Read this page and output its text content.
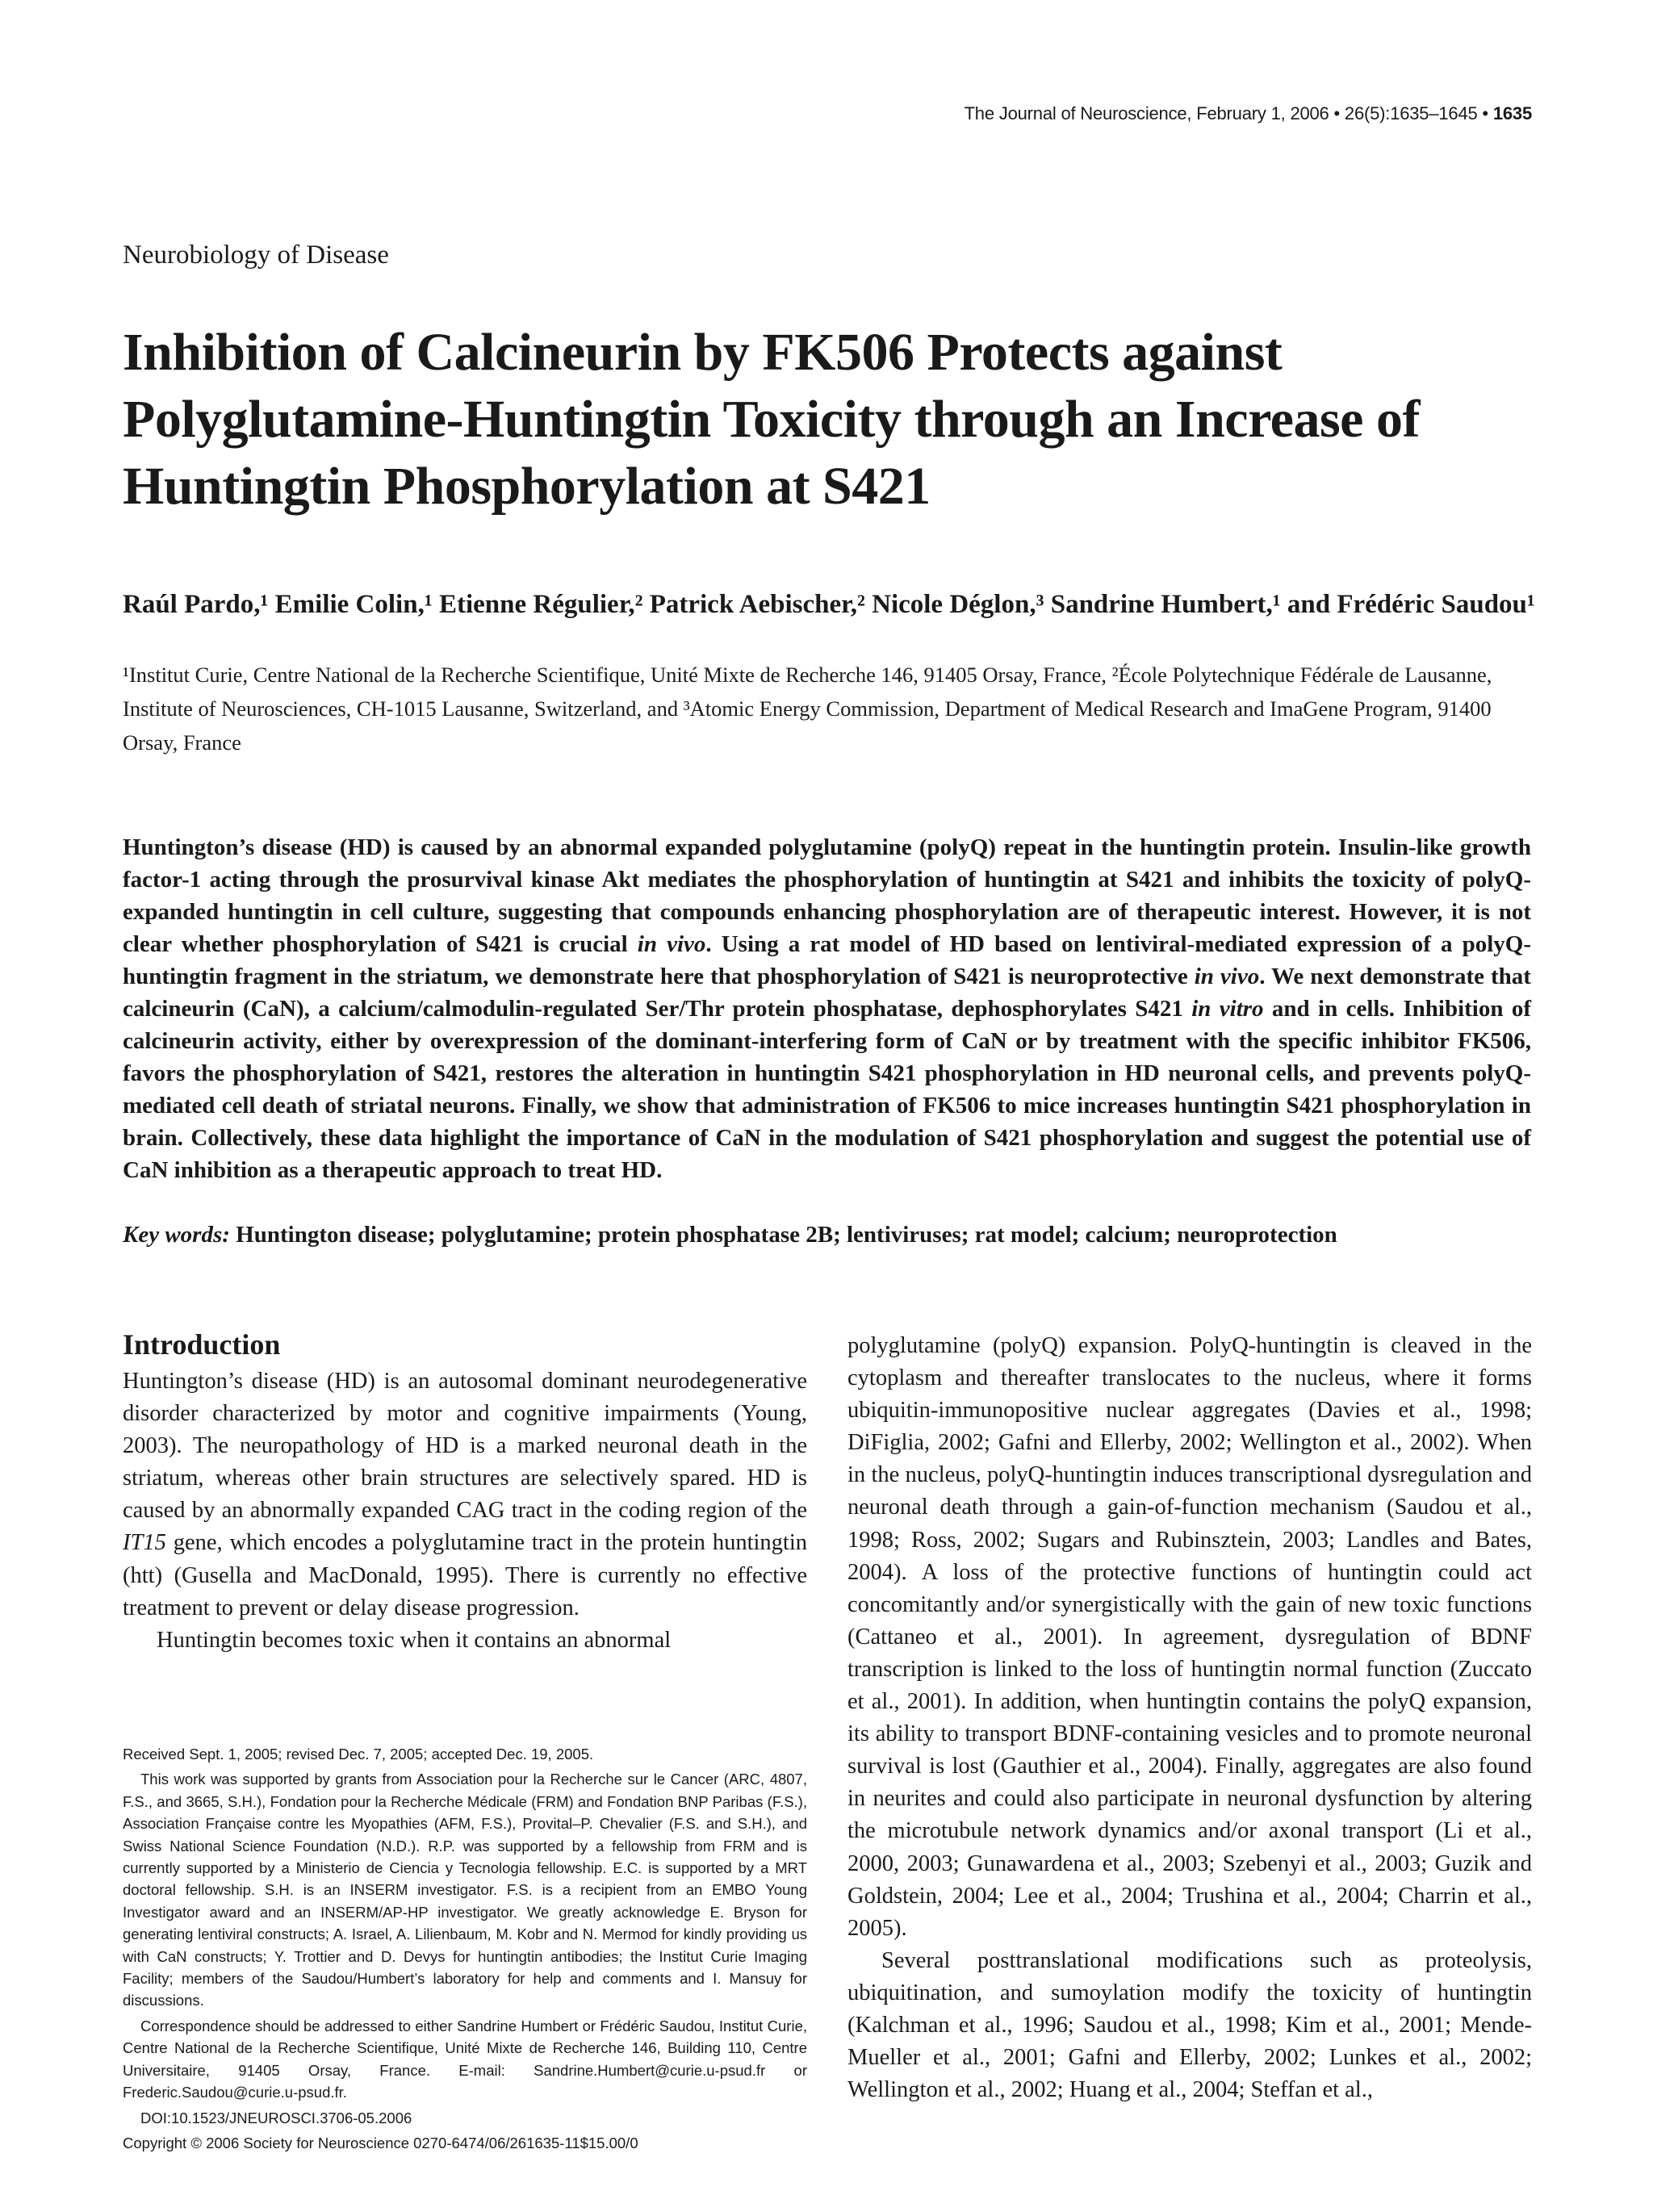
The Journal of Neuroscience, February 1, 2006 • 26(5):1635–1645 • 1635
Neurobiology of Disease
Inhibition of Calcineurin by FK506 Protects against
Polyglutamine-Huntingtin Toxicity through an Increase of
Huntingtin Phosphorylation at S421
Raúl Pardo,¹ Emilie Colin,¹ Etienne Régulier,² Patrick Aebischer,² Nicole Déglon,³ Sandrine Humbert,¹ and Frédéric Saudou¹
¹Institut Curie, Centre National de la Recherche Scientifique, Unité Mixte de Recherche 146, 91405 Orsay, France, ²École Polytechnique Fédérale de Lausanne, Institute of Neurosciences, CH-1015 Lausanne, Switzerland, and ³Atomic Energy Commission, Department of Medical Research and ImaGene Program, 91400 Orsay, France
Huntington’s disease (HD) is caused by an abnormal expanded polyglutamine (polyQ) repeat in the huntingtin protein. Insulin-like growth factor-1 acting through the prosurvival kinase Akt mediates the phosphorylation of huntingtin at S421 and inhibits the toxicity of polyQ-expanded huntingtin in cell culture, suggesting that compounds enhancing phosphorylation are of therapeutic interest. However, it is not clear whether phosphorylation of S421 is crucial in vivo. Using a rat model of HD based on lentiviral-mediated expression of a polyQ-huntingtin fragment in the striatum, we demonstrate here that phosphorylation of S421 is neuroprotective in vivo. We next demonstrate that calcineurin (CaN), a calcium/calmodulin-regulated Ser/Thr protein phosphatase, dephosphorylates S421 in vitro and in cells. Inhibition of calcineurin activity, either by overexpression of the dominant-interfering form of CaN or by treatment with the specific inhibitor FK506, favors the phosphorylation of S421, restores the alteration in huntingtin S421 phosphorylation in HD neuronal cells, and prevents polyQ-mediated cell death of striatal neurons. Finally, we show that administration of FK506 to mice increases huntingtin S421 phosphorylation in brain. Collectively, these data highlight the importance of CaN in the modulation of S421 phosphorylation and suggest the potential use of CaN inhibition as a therapeutic approach to treat HD.
Key words: Huntington disease; polyglutamine; protein phosphatase 2B; lentiviruses; rat model; calcium; neuroprotection
Introduction

Huntington’s disease (HD) is an autosomal dominant neurodegenerative disorder characterized by motor and cognitive impairments (Young, 2003). The neuropathology of HD is a marked neuronal death in the striatum, whereas other brain structures are selectively spared. HD is caused by an abnormally expanded CAG tract in the coding region of the IT15 gene, which encodes a polyglutamine tract in the protein huntingtin (htt) (Gusella and MacDonald, 1995). There is currently no effective treatment to prevent or delay disease progression.

Huntingtin becomes toxic when it contains an abnormal

polyglutamine (polyQ) expansion. PolyQ-huntingtin is cleaved in the cytoplasm and thereafter translocates to the nucleus, where it forms ubiquitin-immunopositive nuclear aggregates (Davies et al., 1998; DiFiglia, 2002; Gafni and Ellerby, 2002; Wellington et al., 2002). When in the nucleus, polyQ-huntingtin induces transcriptional dysregulation and neuronal death through a gain-of-function mechanism (Saudou et al., 1998; Ross, 2002; Sugars and Rubinsztein, 2003; Landles and Bates, 2004). A loss of the protective functions of huntingtin could act concomitantly and/or synergistically with the gain of new toxic functions (Cattaneo et al., 2001). In agreement, dysregulation of BDNF transcription is linked to the loss of huntingtin normal function (Zuccato et al., 2001). In addition, when huntingtin contains the polyQ expansion, its ability to transport BDNF-containing vesicles and to promote neuronal survival is lost (Gauthier et al., 2004). Finally, aggregates are also found in neurites and could also participate in neuronal dysfunction by altering the microtubule network dynamics and/or axonal transport (Li et al., 2000, 2003; Gunawardena et al., 2003; Szebenyi et al., 2003; Guzik and Goldstein, 2004; Lee et al., 2004; Trushina et al., 2004; Charrin et al., 2005).

Several posttranslational modifications such as proteolysis, ubiquitination, and sumoylation modify the toxicity of huntingtin (Kalchman et al., 1996; Saudou et al., 1998; Kim et al., 2001; Mende-Mueller et al., 2001; Gafni and Ellerby, 2002; Lunkes et al., 2002; Wellington et al., 2002; Huang et al., 2004; Steffan et al.,

Received Sept. 1, 2005; revised Dec. 7, 2005; accepted Dec. 19, 2005.

This work was supported by grants from Association pour la Recherche sur le Cancer (ARC, 4807, F.S., and 3665, S.H.), Fondation pour la Recherche Médicale (FRM) and Fondation BNP Paribas (F.S.), Association Française contre les Myopathies (AFM, F.S.), Provital–P. Chevalier (F.S. and S.H.), and Swiss National Science Foundation (N.D.). R.P. was supported by a fellowship from FRM and is currently supported by a Ministerio de Ciencia y Tecnologia fellowship. E.C. is supported by a MRT doctoral fellowship. S.H. is an INSERM investigator. F.S. is a recipient from an EMBO Young Investigator award and an INSERM/AP-HP investigator. We greatly acknowledge E. Bryson for generating lentiviral constructs; A. Israel, A. Lilienbaum, M. Kobr and N. Mermod for kindly providing us with CaN constructs; Y. Trottier and D. Devys for huntingtin antibodies; the Institut Curie Imaging Facility; members of the Saudou/Humbert’s laboratory for help and comments and I. Mansuy for discussions.

Correspondence should be addressed to either Sandrine Humbert or Frédéric Saudou, Institut Curie, Centre National de la Recherche Scientifique, Unité Mixte de Recherche 146, Building 110, Centre Universitaire, 91405 Orsay, France. E-mail: Sandrine.Humbert@curie.u-psud.fr or Frederic.Saudou@curie.u-psud.fr.

DOI:10.1523/JNEUROSCI.3706-05.2006

Copyright © 2006 Society for Neuroscience 0270-6474/06/261635-11$15.00/0
